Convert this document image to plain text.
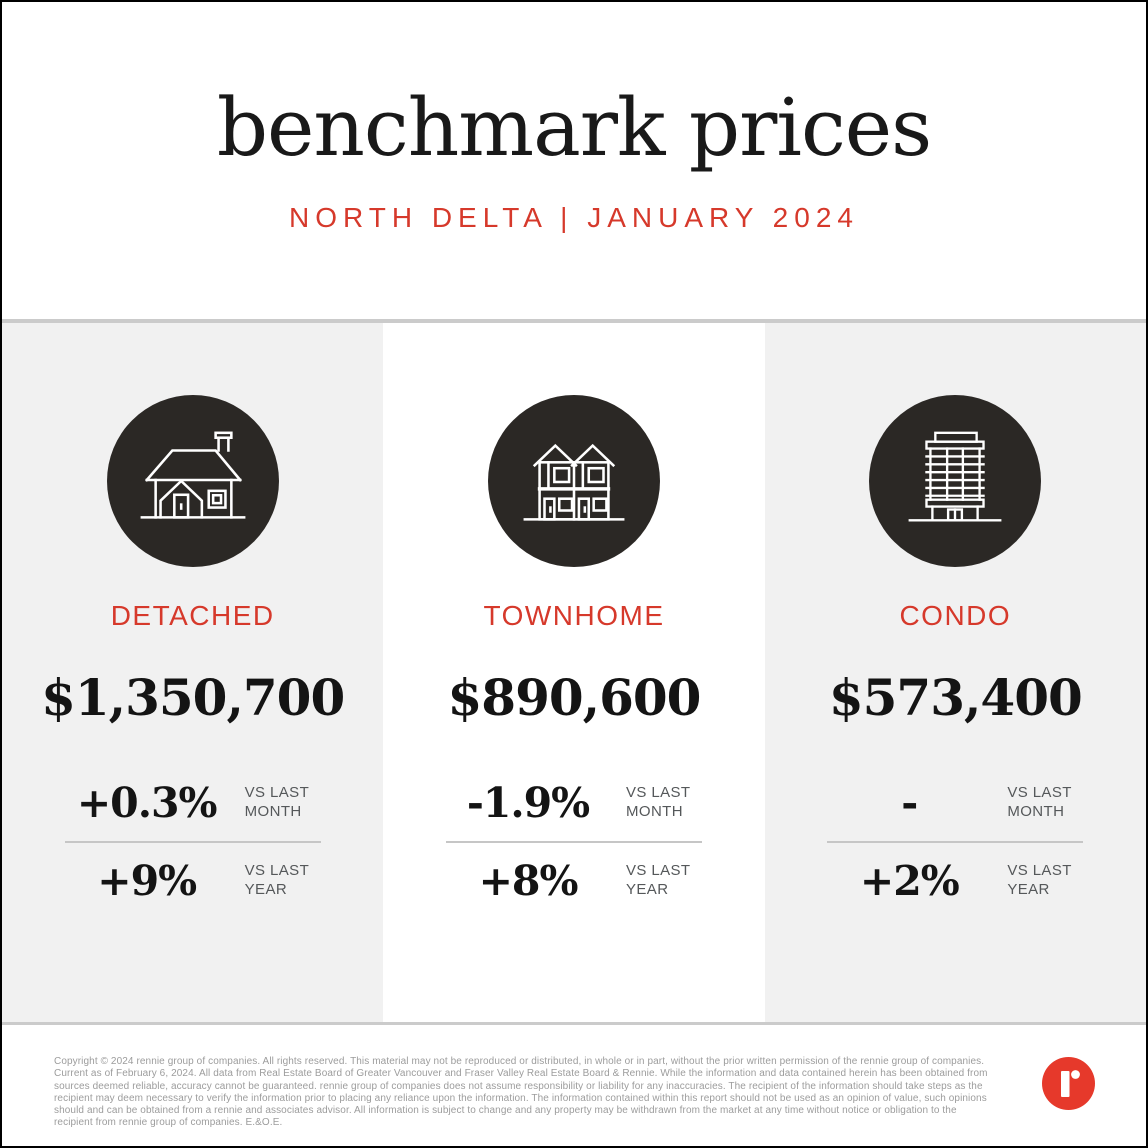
benchmark prices
NORTH DELTA | JANUARY 2024
DETACHED
$1,350,700
+0.3%	VS LAST
MONTH
+9%	VS LAST
YEAR
TOWNHOME
$890,600
-1.9%	VS LAST
MONTH
+8%	VS LAST
YEAR
CONDO
$573,400
-	VS LAST
MONTH
+2%	VS LAST
YEAR

Copyright © 2024 rennie group of companies. All rights reserved. This material may not be reproduced or distributed, in whole or in part, without the prior written permission of the rennie group of companies. Current as of February 6, 2024. All data from Real Estate Board of Greater Vancouver and Fraser Valley Real Estate Board & Rennie. While the information and data contained herein has been obtained from sources deemed reliable, accuracy cannot be guaranteed. rennie group of companies does not assume responsibility or liability for any inaccuracies. The recipient of the information should take steps as the recipient may deem necessary to verify the information prior to placing any reliance upon the information. The information contained within this report should not be used as an opinion of value, such opinions should and can be obtained from a rennie and associates advisor. All information is subject to change and any property may be withdrawn from the market at any time without notice or obligation to the recipient from rennie group of companies. E.&O.E.
